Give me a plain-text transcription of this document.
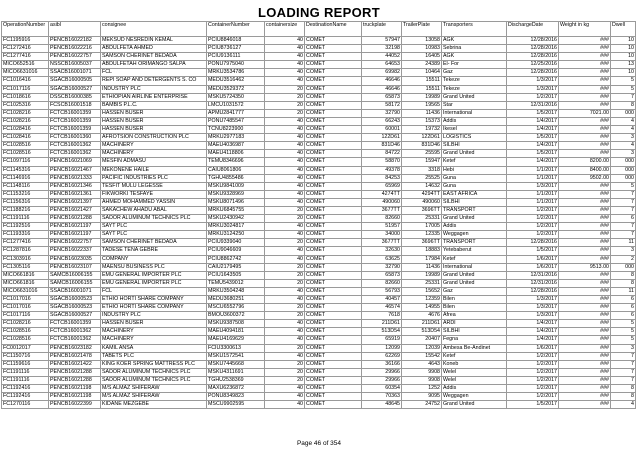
LOADING REPORT
OperationNumber	asibl	consignee	ContainerNumber	containersize	DestinationName	truckplate	TrailerPlate	Transporters	DischargeDate	Weight in kg	Dwell
FC1195916	PENCB16022182	MEKSUD NESREDIN KEMAL	PCIU8846018	40	COMET	57947	13058	AGK	12/28/2016	###	10
FC1272416	PENCB16022216	ABDULFETA AHMED	PCIU8736127	40	COMET	32198	10983	Sebrina	12/28/2016	###	10
FC1277416	PENCB16022757	SAMSON CHERINET BEDADA	PCIU9136111	40	COMET	44052	16405	AGK	12/28/2016	###	10
MICO652516	NSSCB16005037	ABDULFETAH ORIMANGO SALPA	PONU7975040	40	COMET	64653	24389	El- For	12/25/2016	###	13
MICO6631016	SSACB16001071	FCL	MRKU3534786	40	COMET	69982	10464	Gaz	12/28/2016	###	10
FC1016416	SGACB16000505	REPI SOAP AND DETERGENTS S. CO	MEDU3516462	40	COMET	46646	15511	Tekeze	1/3/2017	###	5
FC1017116	SGACB16000527	INDUSTRY PLC	MEDU3529372	20	COMET	46646	15511	Tekeze	1/3/2017	###	5
FC1018616	DSSCB16000385	ETHIOPIAN AIRLINE ENTERPRISE	MSKU5724350	20	COMET	65873	19989	Grand United	1/2/2017	###	7
FC1025316	FCSCB16001518	BAMBIS P.L.C.	LMCU1031572	20	COMET	58172	19565	Star	12/31/2016	###	8
FC1028216	FCTCB16001359	HASSEN BUSER	APMU2841777	20	COMET	32790	11436	International	1/5/2017	7021.00	000
FC1028216	FCTCB16001359	HASSEN BUSER	PONU7485547	40	COMET	66243	15373	Addis	1/4/2017	###	4
FC1028416	FCTCB16001359	HASSEN BUSER	TCNU8223900	40	COMET	60001	19732	Ikesel	1/4/2017	###	4
FC1028416	FCTCB16001360	AFROTSION CONSTRUCTION PLC	MRKU2977183	40	COMET	122D61	122D61	LOGISTICS	1/5/2017	###	3
FC1028516	FCTCB16001362	MACHINERY	MAEU4036987	40	COMET	831D46	831D46	SILBHI	1/4/2017	###	4
FC1028516	FCTCB16001362	MACHINERY	MAEU4118806	40	COMET	84722	25595	Grand United	1/5/2017	###	3
FC1097116	PENCB16021069	MESFIN ADMASU	TEMU8346696	40	COMET	58870	15947	Ketef	1/4/2017	8200.00	000
FC1145316	PENCB16021467	MEKONENE HAILE	CAIU8061806	40	COMET	49378	3318	Hebi	1/1/2017	8400.00	000
FC1146916	PENCB16021333	PACIFIC INDUSTRIES PLC	TGHU4855486	40	COMET	84253	25525	Guna	1/1/2017	9502.00	000
FC1148116	PENCB16021346	TESFIT MULU LEGESSE	MSKU9841009	40	COMET	65969	14632	Guna	1/3/2017	###	5
FC1153216	PENCB16021361	FIKWORKI TESFAYE	MSKU9328969	40	COMET	4274TT	4294TT	EAST AFRICA	1/1/2017	###	7
FC1156316	PENCB16021397	AHMED MOHAMMED YASSIN	MSKU8071496	40	COMET	490060	490060	SILBHI	1/1/2017	###	7
FC1188216	PENCB16021427	SAKACHEW AHADU ABAL	MRKU6845755	20	COMET	3677TT	3696TT	TRANSPORT	1/2/2017	###	7
FC1191116	PENCB16021288	SADOR ALUMINUM TECHNICS PLC	MSKU2430942	20	COMET	82660	25331	Grand United	1/2/2017	###	6
FC1192516	PENCB16021197	SAYT PLC	MRKU3024817	40	COMET	51957	17005	Addis	1/2/2017	###	7
FC1193316	PENCB16021197	SAYT PLC	MRKU3124250	40	COMET	34000	12335	Weggagen	1/2/2017	###	7
FC1277416	PENCB16022757	SAMSON CHERINET BEDADA	PCIU9339040	20	COMET	3677TT	3696TT	TRANSPORT	12/28/2016	###	11
FC1287816	PENCB16022337	TADESE TENA GEBRE	PCIU9046609	40	COMET	32630	18883	Yetebaberut	1/5/2017	###	3
FC1303916	PENCB16023035	COMPANY	PCIU8862742	40	COMET	63625	17984	Ketef	1/6/2017	###	2
FC1305116	PENCB16023107	MAENSU BUSINESS PLC	CAIU2179495	20	COMET	32790	11436	International	1/6/2017	9513.00	000
MICO661816	SAMCB16006155	EMU GENERAL IMPORTER PLC	PCIU1643505	20	COMET	65873	19989	Grand United	12/31/2016	###	8
MICO661816	SAMCB16006155	EMU GENERAL IMPORTER PLC	TEMU5439012	20	COMET	82660	25331	Grand United	12/31/2016	###	8
MICO6631016	SSACB16001071	FCL	MRKU3504248	40	COMET	56793	15652	Gaz	12/28/2016	###	11
FC1017016	SGACB16000523	ETHIO HORTI SHARE COMPANY	MEDU3680251	40	COMET	40457	12359	Bilen	1/3/2017	###	6
FC1017016	SGACB16000523	ETHIO HORTI SHARE COMPANY	MSCU6552796	20	COMET	46574	14955	Bilen	1/3/2017	###	6
FC1017116	SGACB16000527	INDUSTRY PLC	BMOU3600372	20	COMET	7618	4676	Afrea	1/3/2017	###	6
FC1028216	FCTCB16001359	HASSEN BUSER	MSKU9387508	40	COMET	211D61	211D61	ARDI	1/4/2017	###	5
FC1028516	FCTCB16001362	MACHINERY	MAEU4094181	40	COMET	513D54	513D54	SILBHI	1/4/2017	###	5
FC1028516	FCTCB16001362	MACHINERY	MAEU4169629	40	COMET	65919	20407	Fegna	1/4/2017	###	5
FC0012017	PENCB16023182	KAMIL ANSA	FCIU3300613	20	COMET	12099	12039	Ambesa Be-Andinet	1/6/2017	###	3
FC1150716	PENCB16021478	TABETS PLC	MSKU1572541	40	COMET	62269	15542	Ketef	1/2/2017	###	7
FC1159616	PENCB16021422	KING KOER SPRING MATTRESS PLC	MSKU7445668	20	COMET	36166	4643	Koneb	1/2/2017	###	7
FC1191116	PENCB16021288	SADOR ALUMINUM TECHNICS PLC	MSKU4311691	20	COMET	29966	9908	Welel	1/2/2017	###	7
FC1191116	PENCB16021288	SADOR ALUMINUM TECHNICS PLC	TGHU2538369	20	COMET	29966	9908	Welel	1/2/2017	###	7
FC1192416	PENCB16021198	M/S ALMAZ SHIFERAW	MAXU6236872	40	COMET	60354	1252	Addis	1/2/2017	###	8
FC1192416	PENCB16021198	M/S ALMAZ SHIFERAW	PONU8349823	40	COMET	70363	9095	Weggagen	1/2/2017	###	8
FC1270116	PENCB16022399	KIDANE MEZGEBE	MSCU9902595	40	COMET	48645	24752	Grand United	1/5/2017	###	4
Page 46 of 354
